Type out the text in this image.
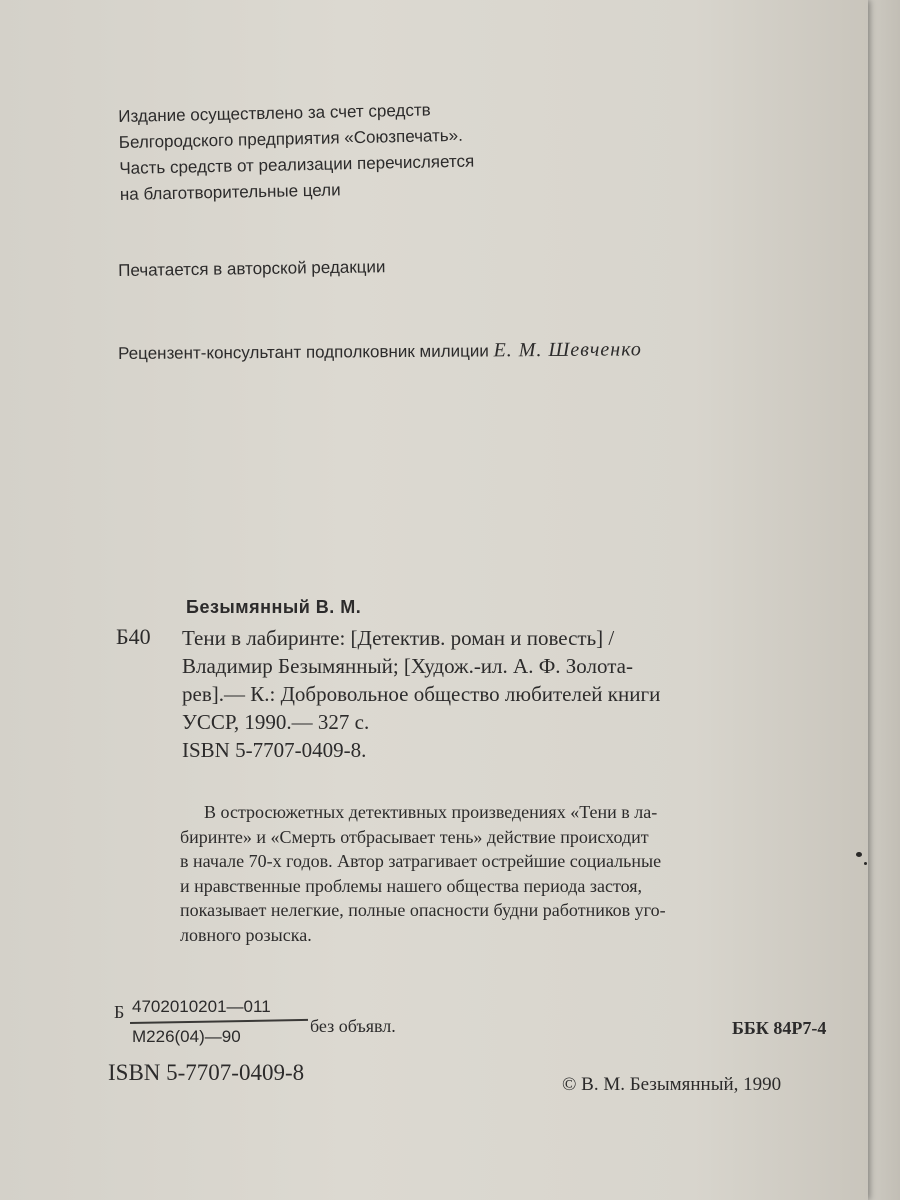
Издание осуществлено за счет средств
Белгородского предприятия «Союзпечать».
Часть средств от реализации перечисляется
на благотворительные цели
Печатается в авторской редакции
Рецензент-консультант подполковник милиции Е. М. Шевченко
Безымянный В. М.
Б40 Тени в лабиринте: [Детектив. роман и повесть] /
Владимир Безымянный; [Худож.-ил. А. Ф. Золота-
рев].— К.: Добровольное общество любителей книги
УССР, 1990.— 327 с.
ISBN 5-7707-0409-8.
В остросюжетных детективных произведениях «Тени в ла-
биринте» и «Смерть отбрасывает тень» действие происходит
в начале 70-х годов. Автор затрагивает острейшие социальные
и нравственные проблемы нашего общества периода застоя,
показывает нелегкие, полные опасности будни работников уго-
ловного розыска.
Б 4702010201—011
М226(04)—90
без объявл.	ББК 84Р7-4
ISBN 5-7707-0409-8	© В. М. Безымянный, 1990
